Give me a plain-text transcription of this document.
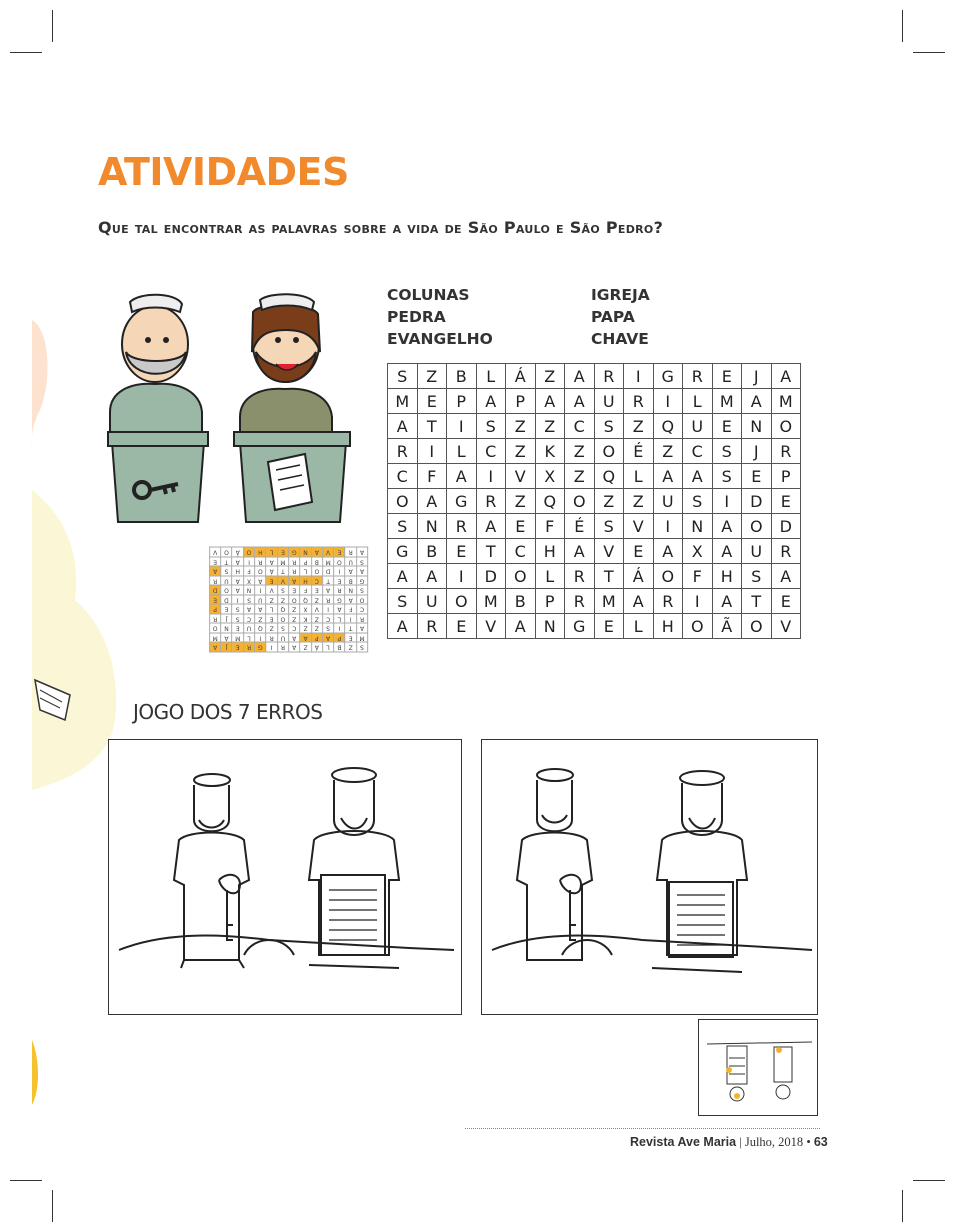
ATIVIDADES
Que tal encontrar as palavras sobre a vida de São Paulo e São Pedro?
S	Z	B	L	Á	Z	A	R	I	G	R	E	J	A
M	E	P	A	P	A	A	U	R	I	L	M	A	M
A	T	I	S	Z	Z	C	S	Z	Q	U	E	N	O
R	I	L	C	Z	K	Z	O	É	Z	C	S	J	R
C	F	A	I	V	X	Z	Q	L	A	A	S	E	P
O	A	G	R	Z	Q	O	Z	Z	U	S	I	D	E
S	N	R	A	E	F	É	S	V	I	N	A	O	D
G	B	E	T	C	H	A	V	E	A	X	A	U	R
A	A	I	D	O	L	R	T	Á	O	F	H	S	A
S	U	O	M	B	P	R	M	A	R	I	A	T	E
A	R	E	V	A	N	G	E	L	H	O	Ã	O	V
COLUNAS
PEDRA
EVANGELHO
IGREJA
PAPA
CHAVE
S	Z	B	L	Á	Z	A	R	I	G	R	E	J	A
M	E	P	A	P	A	A	U	R	I	L	M	A	M
A	T	I	S	Z	Z	C	S	Z	Q	U	E	N	O
R	I	L	C	Z	K	Z	O	É	Z	C	S	J	R
C	F	A	I	V	X	Z	Q	L	A	A	S	E	P
O	A	G	R	Z	Q	O	Z	Z	U	S	I	D	E
S	N	R	A	E	F	É	S	V	I	N	A	O	D
G	B	E	T	C	H	A	V	E	A	X	A	U	R
A	A	I	D	O	L	R	T	Á	O	F	H	S	A
S	U	O	M	B	P	R	M	A	R	I	A	T	E
A	R	E	V	A	N	G	E	L	H	O	Ã	O	V
JOGO DOS 7 ERROS
Revista Ave Maria | Julho, 2018 • 63
